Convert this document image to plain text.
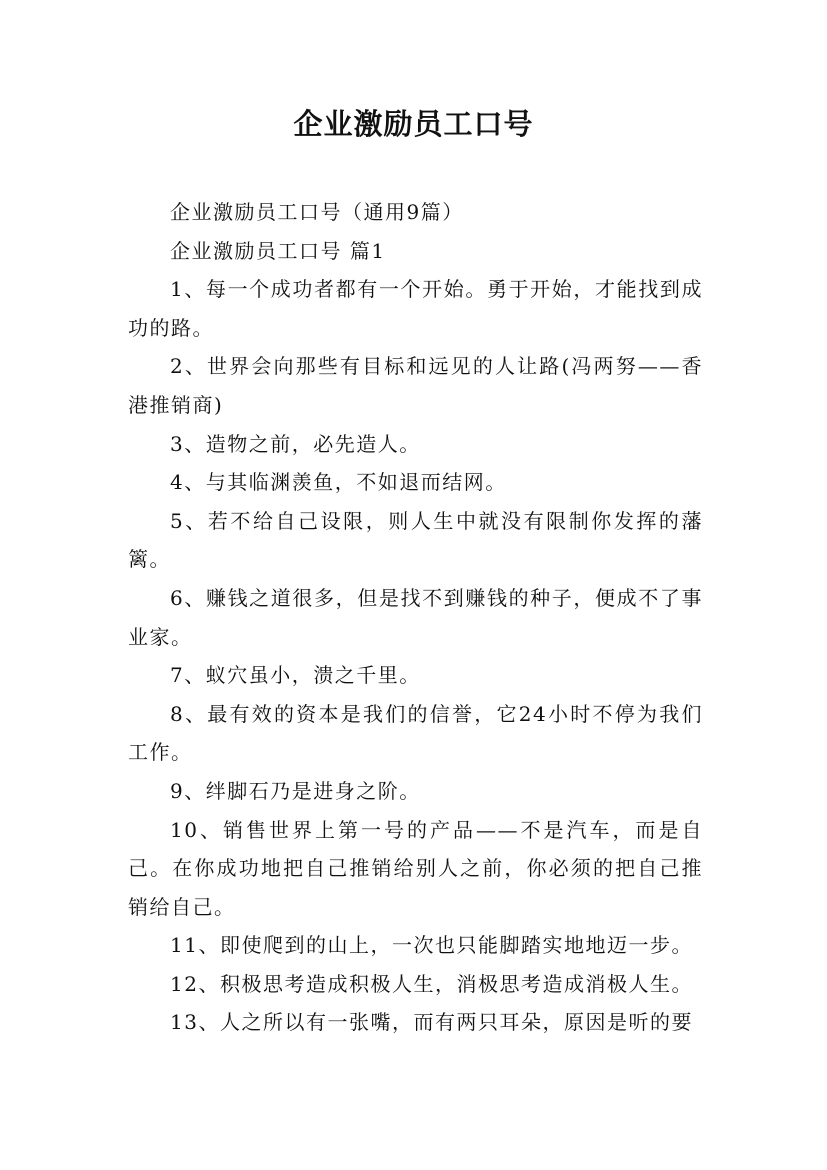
企业激励员工口号

企业激励员工口号（通用9篇）

企业激励员工口号 篇1

1、每一个成功者都有一个开始。勇于开始，才能找到成功的路。

2、世界会向那些有目标和远见的人让路(冯两努——香港推销商)

3、造物之前，必先造人。

4、与其临渊羡鱼，不如退而结网。

5、若不给自己设限，则人生中就没有限制你发挥的藩篱。

6、赚钱之道很多，但是找不到赚钱的种子，便成不了事业家。

7、蚁穴虽小，溃之千里。

8、最有效的资本是我们的信誉，它24小时不停为我们工作。

9、绊脚石乃是进身之阶。

10、销售世界上第一号的产品——不是汽车，而是自己。在你成功地把自己推销给别人之前，你必须的把自己推销给自己。

11、即使爬到的山上，一次也只能脚踏实地地迈一步。

12、积极思考造成积极人生，消极思考造成消极人生。

13、人之所以有一张嘴，而有两只耳朵，原因是听的要
